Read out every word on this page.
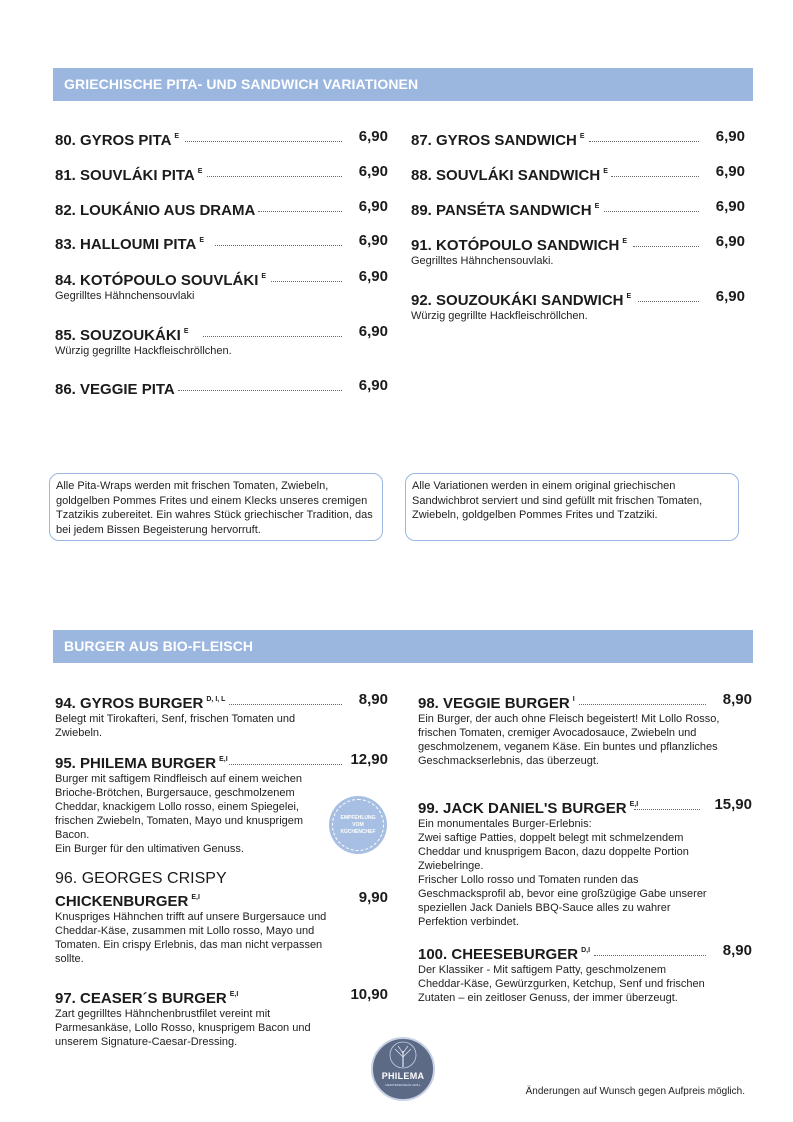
GRIECHISCHE PITA- UND SANDWICH VARIATIONEN
80. GYROS PITA $^E$	6,90
81. SOUVLÁKI PITA $^E$	6,90
82. LOUKÁNIO AUS DRAMA	6,90
83. HALLOUMI PITA $^E$	6,90
84. KOTÓPOULO SOUVLÁKI $^E$	6,90
Gegrilltes Hähnchensouvlaki
85. SOUZOUKÁKI $^E$	6,90
Würzig gegrillte Hackfleischröllchen.
86. VEGGIE PITA	6,90
87. GYROS SANDWICH $^E$	6,90
88. SOUVLÁKI SANDWICH $^E$	6,90
89. PANSÉTA SANDWICH $^E$	6,90
91. KOTÓPOULO SANDWICH $^E$	6,90
Gegrilltes Hähnchensouvlaki.
92. SOUZOUKÁKI SANDWICH $^E$	6,90
Würzig gegrillte Hackfleischröllchen.
Alle Pita-Wraps werden mit frischen Tomaten, Zwiebeln, goldgelben Pommes Frites und einem Klecks unseres cremigen Tzatzikis zubereitet. Ein wahres Stück griechischer Tradition, das bei jedem Bissen Begeisterung hervorruft.
Alle Variationen werden in einem original griechischen Sandwichbrot serviert und sind gefüllt mit frischen Tomaten, Zwiebeln, goldgelben Pommes Frites und Tzatziki.
BURGER AUS BIO-FLEISCH
94. GYROS BURGER $^{D, I, L}$	8,90
Belegt mit Tirokafteri, Senf, frischen Tomaten und Zwiebeln.
95. PHILEMA BURGER $^{E,I}$	12,90
Burger mit saftigem Rindfleisch auf einem weichen Brioche-Brötchen, Burgersauce, geschmolzenem Cheddar, knackigem Lollo rosso, einem Spiegelei, frischen Zwiebeln, Tomaten, Mayo und knusprigem Bacon.
Ein Burger für den ultimativen Genuss.
96. GEORGES CRISPY
CHICKENBURGER $^{E,I}$	9,90
Knuspriges Hähnchen trifft auf unsere Burgersauce und Cheddar-Käse, zusammen mit Lollo rosso, Mayo und Tomaten. Ein crispy Erlebnis, das man nicht verpassen sollte.
97. CEASER´S BURGER $^{E,I}$	10,90
Zart gegrilltes Hähnchenbrustfilet vereint mit Parmesankäse, Lollo Rosso, knusprigem Bacon und unserem Signature-Caesar-Dressing.
98. VEGGIE BURGER $^I$	8,90
Ein Burger, der auch ohne Fleisch begeistert! Mit Lollo Rosso, frischen Tomaten, cremiger Avocadosauce, Zwiebeln und geschmolzenem, veganem Käse. Ein buntes und pflanzliches Geschmackserlebnis, das überzeugt.
99. JACK DANIEL'S BURGER $^{E,I}$	15,90
Ein monumentales Burger-Erlebnis:
Zwei saftige Patties, doppelt belegt mit schmelzendem Cheddar und knusprigem Bacon, dazu doppelte Portion Zwiebelringe.
Frischer Lollo rosso und Tomaten runden das Geschmacksprofil ab, bevor eine großzügige Gabe unserer speziellen Jack Daniels BBQ-Sauce alles zu wahrer Perfektion verbindet.
100. CHEESEBURGER $^{D,I}$	8,90
Der Klassiker - Mit saftigem Patty, geschmolzenem Cheddar-Käse, Gewürzgurken, Ketchup, Senf und frischen Zutaten – ein zeitloser Genuss, der immer überzeugt.
EMPFEHLUNG VOM KÜCHENCHEF
PHILEMA
MEDITERRANEAN GRILL
Änderungen auf Wunsch gegen Aufpreis möglich.
